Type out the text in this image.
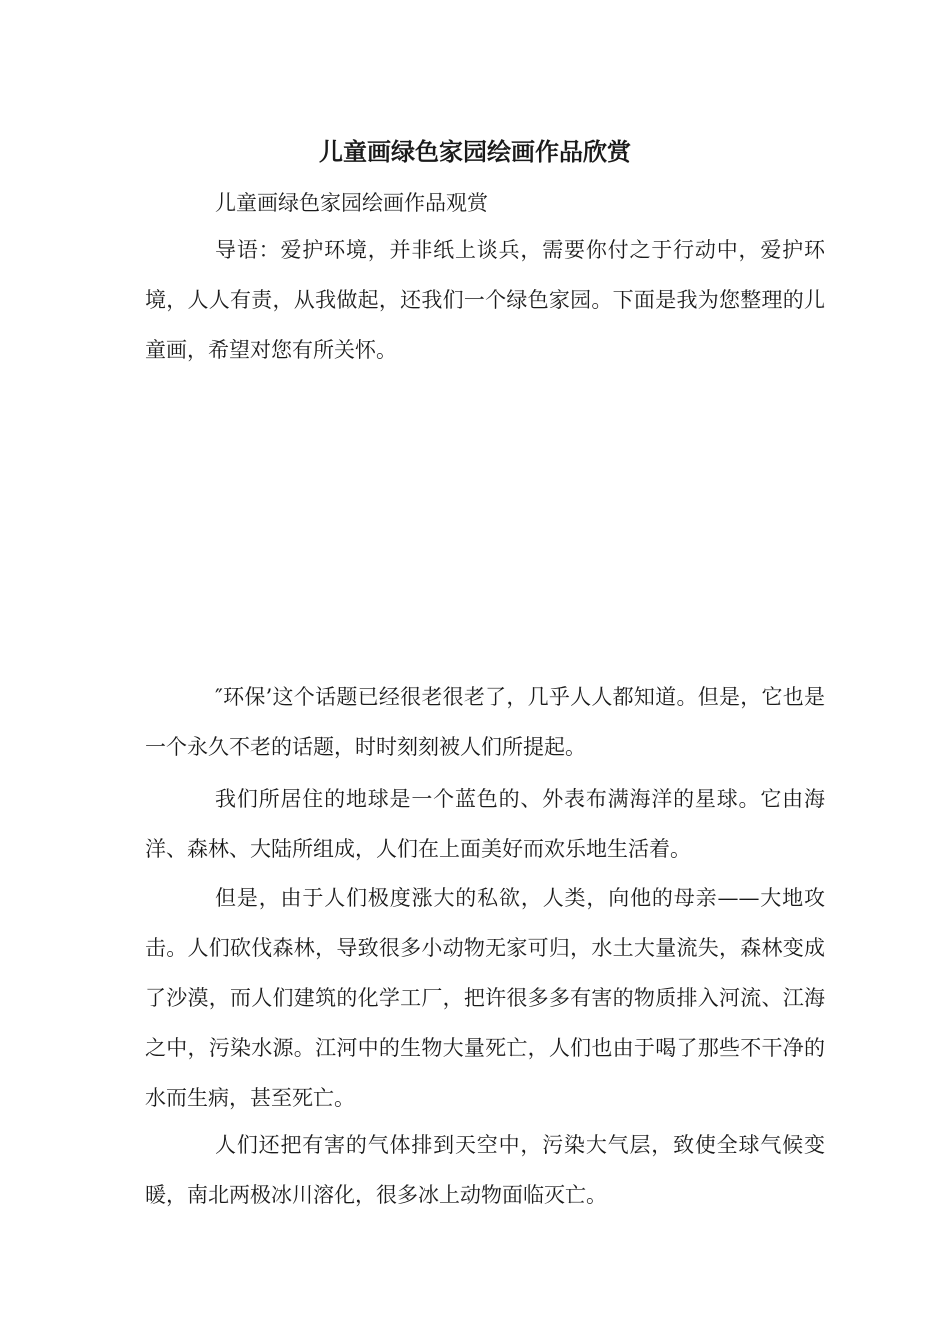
儿童画绿色家园绘画作品欣赏

儿童画绿色家园绘画作品观赏

导语：爱护环境，并非纸上谈兵，需要你付之于行动中，爱护环境，人人有责，从我做起，还我们一个绿色家园。下面是我为您整理的儿童画，希望对您有所关怀。

″环保’这个话题已经很老很老了，几乎人人都知道。但是，它也是一个永久不老的话题，时时刻刻被人们所提起。

我们所居住的地球是一个蓝色的、外表布满海洋的星球。它由海洋、森林、大陆所组成，人们在上面美好而欢乐地生活着。

但是，由于人们极度涨大的私欲，人类，向他的母亲——大地攻击。人们砍伐森林，导致很多小动物无家可归，水土大量流失，森林变成了沙漠，而人们建筑的化学工厂，把许很多多有害的物质排入河流、江海之中，污染水源。江河中的生物大量死亡，人们也由于喝了那些不干净的水而生病，甚至死亡。

人们还把有害的气体排到天空中，污染大气层，致使全球气候变暖，南北两极冰川溶化，很多冰上动物面临灭亡。
